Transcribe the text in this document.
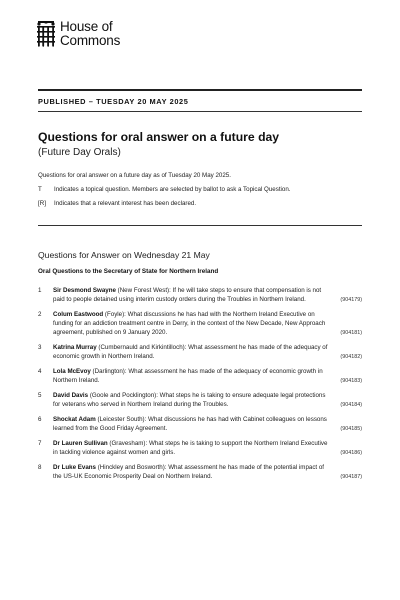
House of
Commons
PUBLISHED – TUESDAY 20 MAY 2025
Questions for oral answer on a future day
(Future Day Orals)
Questions for oral answer on a future day as of Tuesday 20 May 2025.
T	Indicates a topical question. Members are selected by ballot to ask a Topical Question.
[R]	Indicates that a relevant interest has been declared.
Questions for Answer on Wednesday 21 May
Oral Questions to the Secretary of State for Northern Ireland
1	Sir Desmond Swayne (New Forest West): If he will take steps to ensure that compensation is not paid to people detained using interim custody orders during the Troubles in Northern Ireland.	(904179)
2	Colum Eastwood (Foyle): What discussions he has had with the Northern Ireland Executive on funding for an addiction treatment centre in Derry, in the context of the New Decade, New Approach agreement, published on 9 January 2020.	(904181)
3	Katrina Murray (Cumbernauld and Kirkintilloch): What assessment he has made of the adequacy of economic growth in Northern Ireland.	(904182)
4	Lola McEvoy (Darlington): What assessment he has made of the adequacy of economic growth in Northern Ireland.	(904183)
5	David Davis (Goole and Pocklington): What steps he is taking to ensure adequate legal protections for veterans who served in Northern Ireland during the Troubles.	(904184)
6	Shockat Adam (Leicester South): What discussions he has had with Cabinet colleagues on lessons learned from the Good Friday Agreement.	(904185)
7	Dr Lauren Sullivan (Gravesham): What steps he is taking to support the Northern Ireland Executive in tackling violence against women and girls.	(904186)
8	Dr Luke Evans (Hinckley and Bosworth): What assessment he has made of the potential impact of the US-UK Economic Prosperity Deal on Northern Ireland.	(904187)
